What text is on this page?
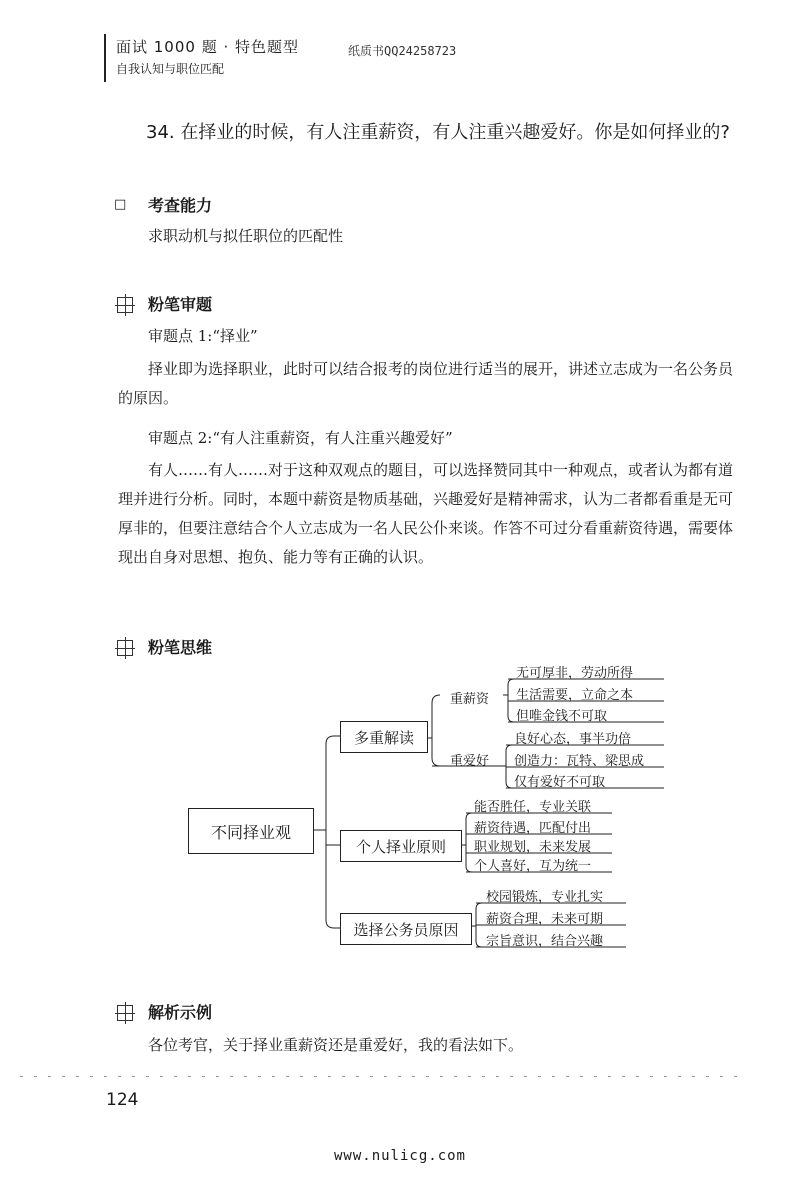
面试 1000 题 · 特色题型
自我认知与职位匹配
纸质书QQ24258723
34. 在择业的时候，有人注重薪资，有人注重兴趣爱好。你是如何择业的?
□ 考查能力
求职动机与拟任职位的匹配性
粉笔审题
审题点 1:“择业”
择业即为选择职业，此时可以结合报考的岗位进行适当的展开，讲述立志成为一名公务员的原因。
审题点 2:“有人注重薪资，有人注重兴趣爱好”
有人……有人……对于这种双观点的题目，可以选择赞同其中一种观点，或者认为都有道理并进行分析。同时，本题中薪资是物质基础，兴趣爱好是精神需求，认为二者都看重是无可厚非的，但要注意结合个人立志成为一名人民公仆来谈。作答不可过分看重薪资待遇，需要体现出自身对思想、抱负、能力等有正确的认识。
粉笔思维
不同择业观
多重解读
个人择业原则
选择公务员原因
重薪资
重爱好
无可厚非，劳动所得
生活需要，立命之本
但唯金钱不可取
良好心态，事半功倍
创造力：瓦特、梁思成
仅有爱好不可取
能否胜任，专业关联
薪资待遇，匹配付出
职业规划，未来发展
个人喜好，互为统一
校园锻炼，专业扎实
薪资合理，未来可期
宗旨意识，结合兴趣
解析示例
各位考官，关于择业重薪资还是重爱好，我的看法如下。
124
www.nulicg.com
